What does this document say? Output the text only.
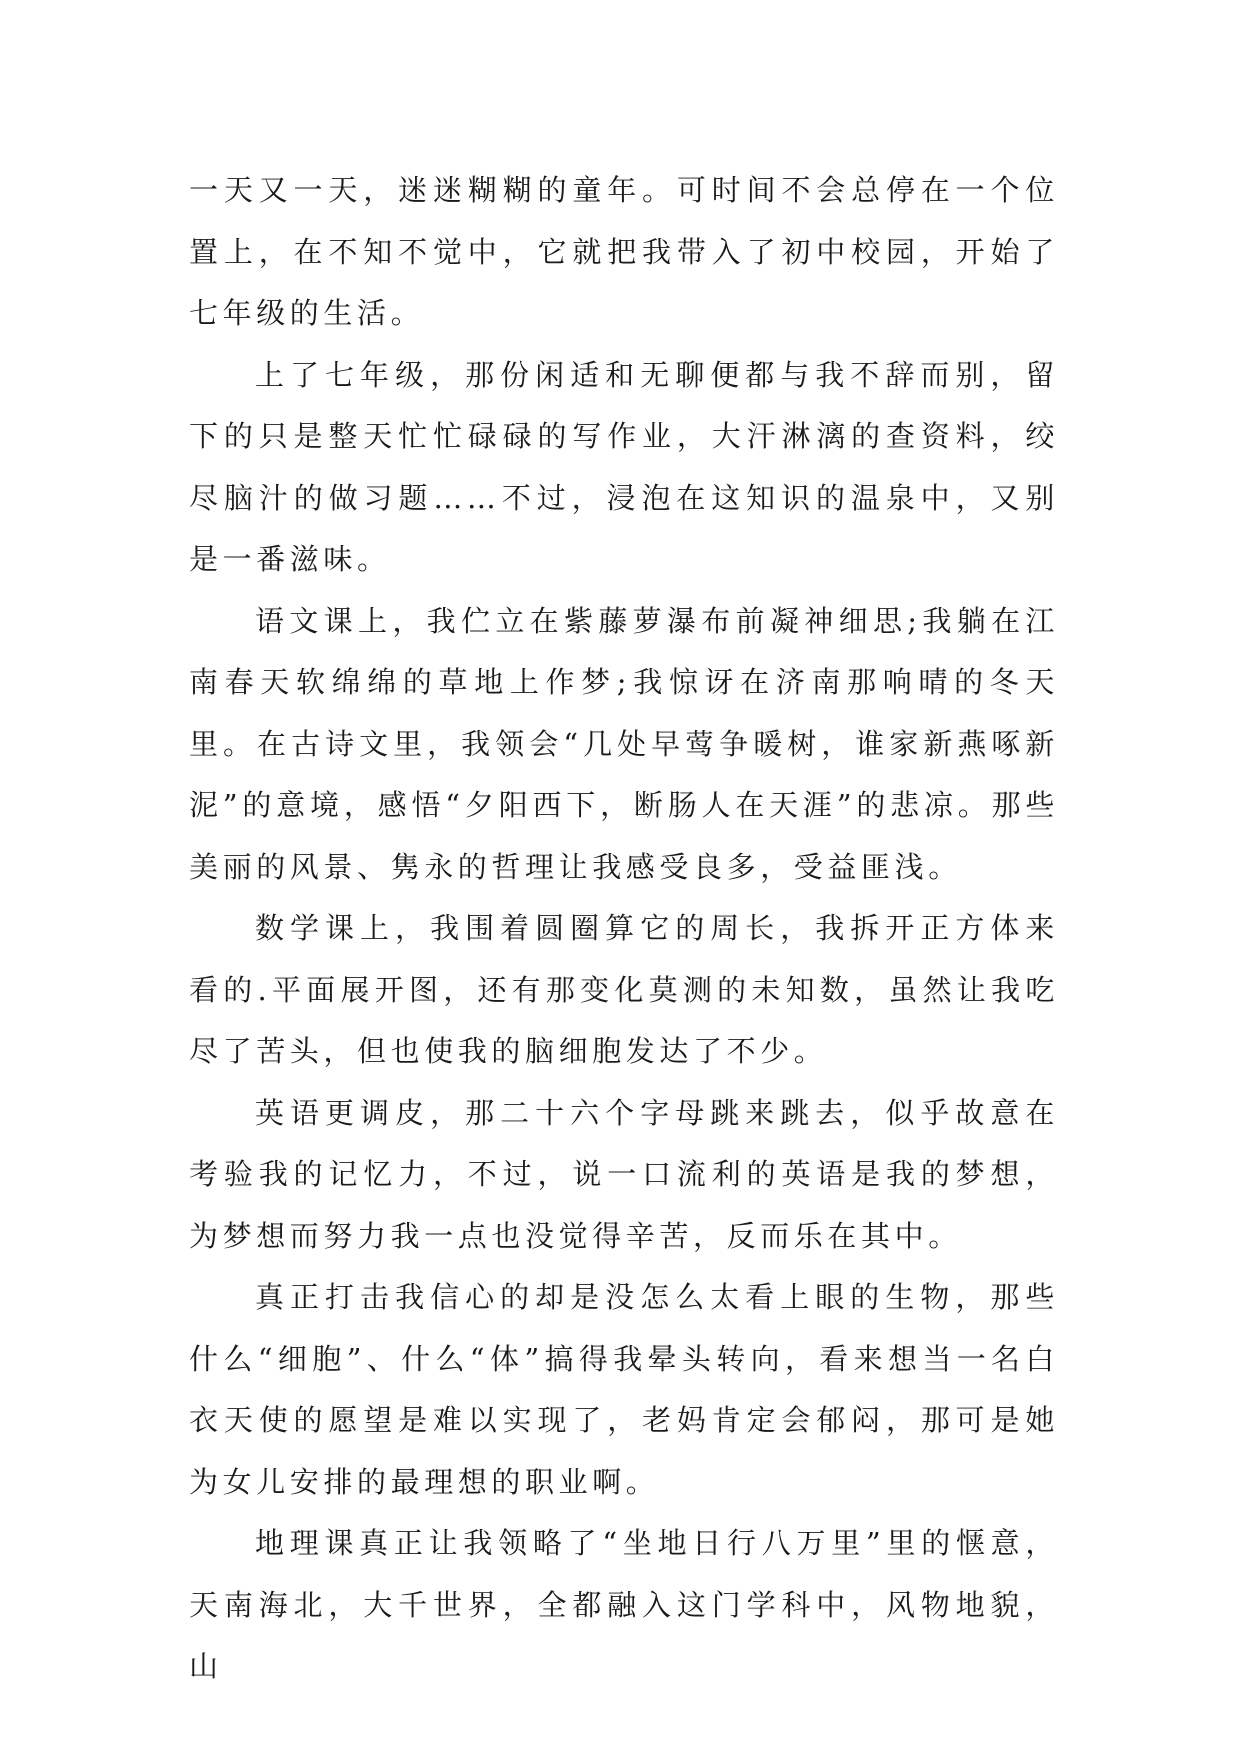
一天又一天，迷迷糊糊的童年。可时间不会总停在一个位置上，在不知不觉中，它就把我带入了初中校园，开始了七年级的生活。

上了七年级，那份闲适和无聊便都与我不辞而别，留下的只是整天忙忙碌碌的写作业，大汗淋漓的查资料，绞尽脑汁的做习题……不过，浸泡在这知识的温泉中，又别是一番滋味。

语文课上，我伫立在紫藤萝瀑布前凝神细思;我躺在江南春天软绵绵的草地上作梦;我惊讶在济南那响晴的冬天里。在古诗文里，我领会“几处早莺争暖树，谁家新燕啄新泥”的意境，感悟“夕阳西下，断肠人在天涯”的悲凉。那些美丽的风景、隽永的哲理让我感受良多，受益匪浅。

数学课上，我围着圆圈算它的周长，我拆开正方体来看的.平面展开图，还有那变化莫测的未知数，虽然让我吃尽了苦头，但也使我的脑细胞发达了不少。

英语更调皮，那二十六个字母跳来跳去，似乎故意在考验我的记忆力，不过，说一口流利的英语是我的梦想，为梦想而努力我一点也没觉得辛苦，反而乐在其中。

真正打击我信心的却是没怎么太看上眼的生物，那些什么“细胞”、什么“体”搞得我晕头转向，看来想当一名白衣天使的愿望是难以实现了，老妈肯定会郁闷，那可是她为女儿安排的最理想的职业啊。

地理课真正让我领略了“坐地日行八万里”里的惬意，天南海北，大千世界，全都融入这门学科中，风物地貌，山
